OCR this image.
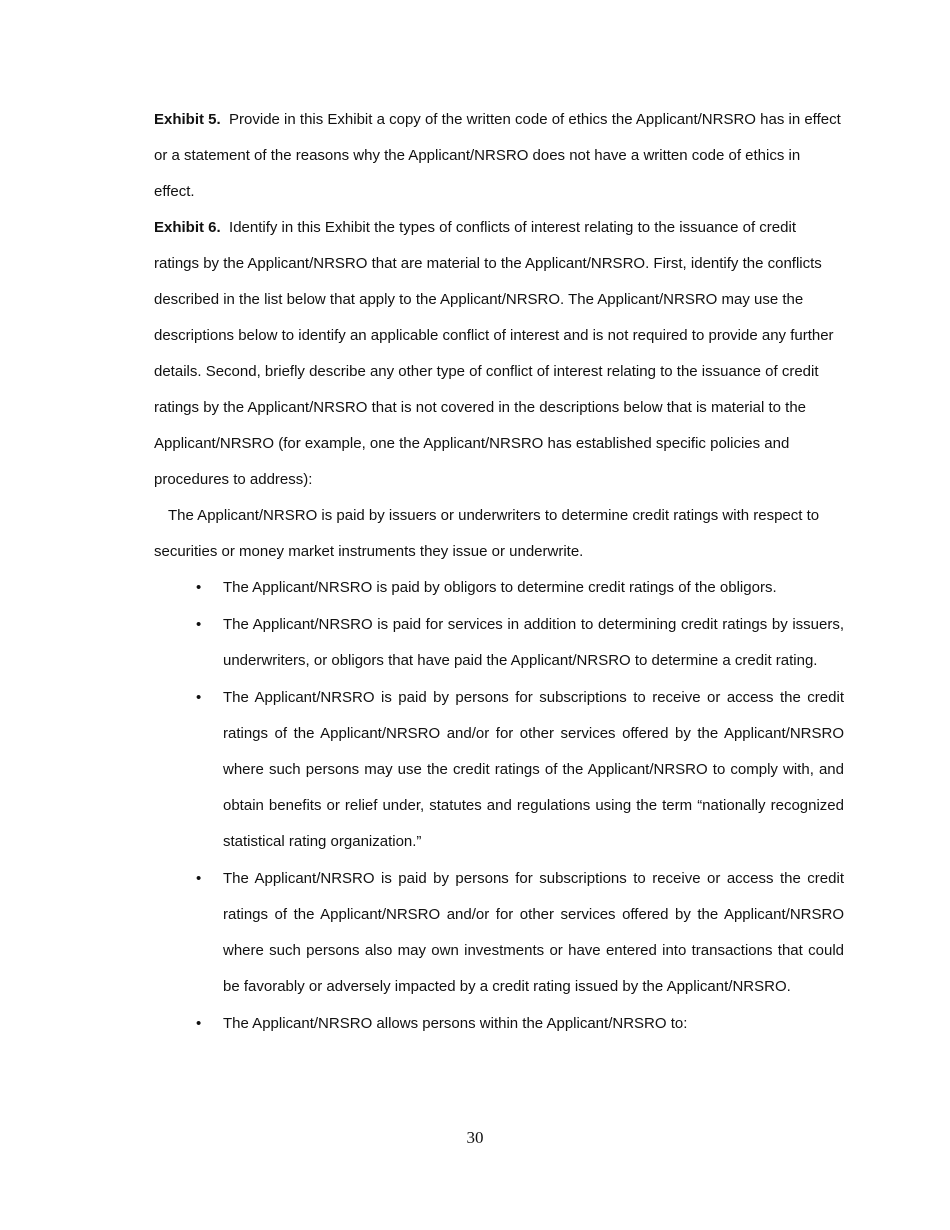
Exhibit 5. Provide in this Exhibit a copy of the written code of ethics the Applicant/NRSRO has in effect or a statement of the reasons why the Applicant/NRSRO does not have a written code of ethics in effect.

Exhibit 6. Identify in this Exhibit the types of conflicts of interest relating to the issuance of credit ratings by the Applicant/NRSRO that are material to the Applicant/NRSRO. First, identify the conflicts described in the list below that apply to the Applicant/NRSRO. The Applicant/NRSRO may use the descriptions below to identify an applicable conflict of interest and is not required to provide any further details. Second, briefly describe any other type of conflict of interest relating to the issuance of credit ratings by the Applicant/NRSRO that is not covered in the descriptions below that is material to the Applicant/NRSRO (for example, one the Applicant/NRSRO has established specific policies and procedures to address):

The Applicant/NRSRO is paid by issuers or underwriters to determine credit ratings with respect to securities or money market instruments they issue or underwrite.

• The Applicant/NRSRO is paid by obligors to determine credit ratings of the obligors.
• The Applicant/NRSRO is paid for services in addition to determining credit ratings by issuers, underwriters, or obligors that have paid the Applicant/NRSRO to determine a credit rating.
• The Applicant/NRSRO is paid by persons for subscriptions to receive or access the credit ratings of the Applicant/NRSRO and/or for other services offered by the Applicant/NRSRO where such persons may use the credit ratings of the Applicant/NRSRO to comply with, and obtain benefits or relief under, statutes and regulations using the term “nationally recognized statistical rating organization.”
• The Applicant/NRSRO is paid by persons for subscriptions to receive or access the credit ratings of the Applicant/NRSRO and/or for other services offered by the Applicant/NRSRO where such persons also may own investments or have entered into transactions that could be favorably or adversely impacted by a credit rating issued by the Applicant/NRSRO.
• The Applicant/NRSRO allows persons within the Applicant/NRSRO to:
30
